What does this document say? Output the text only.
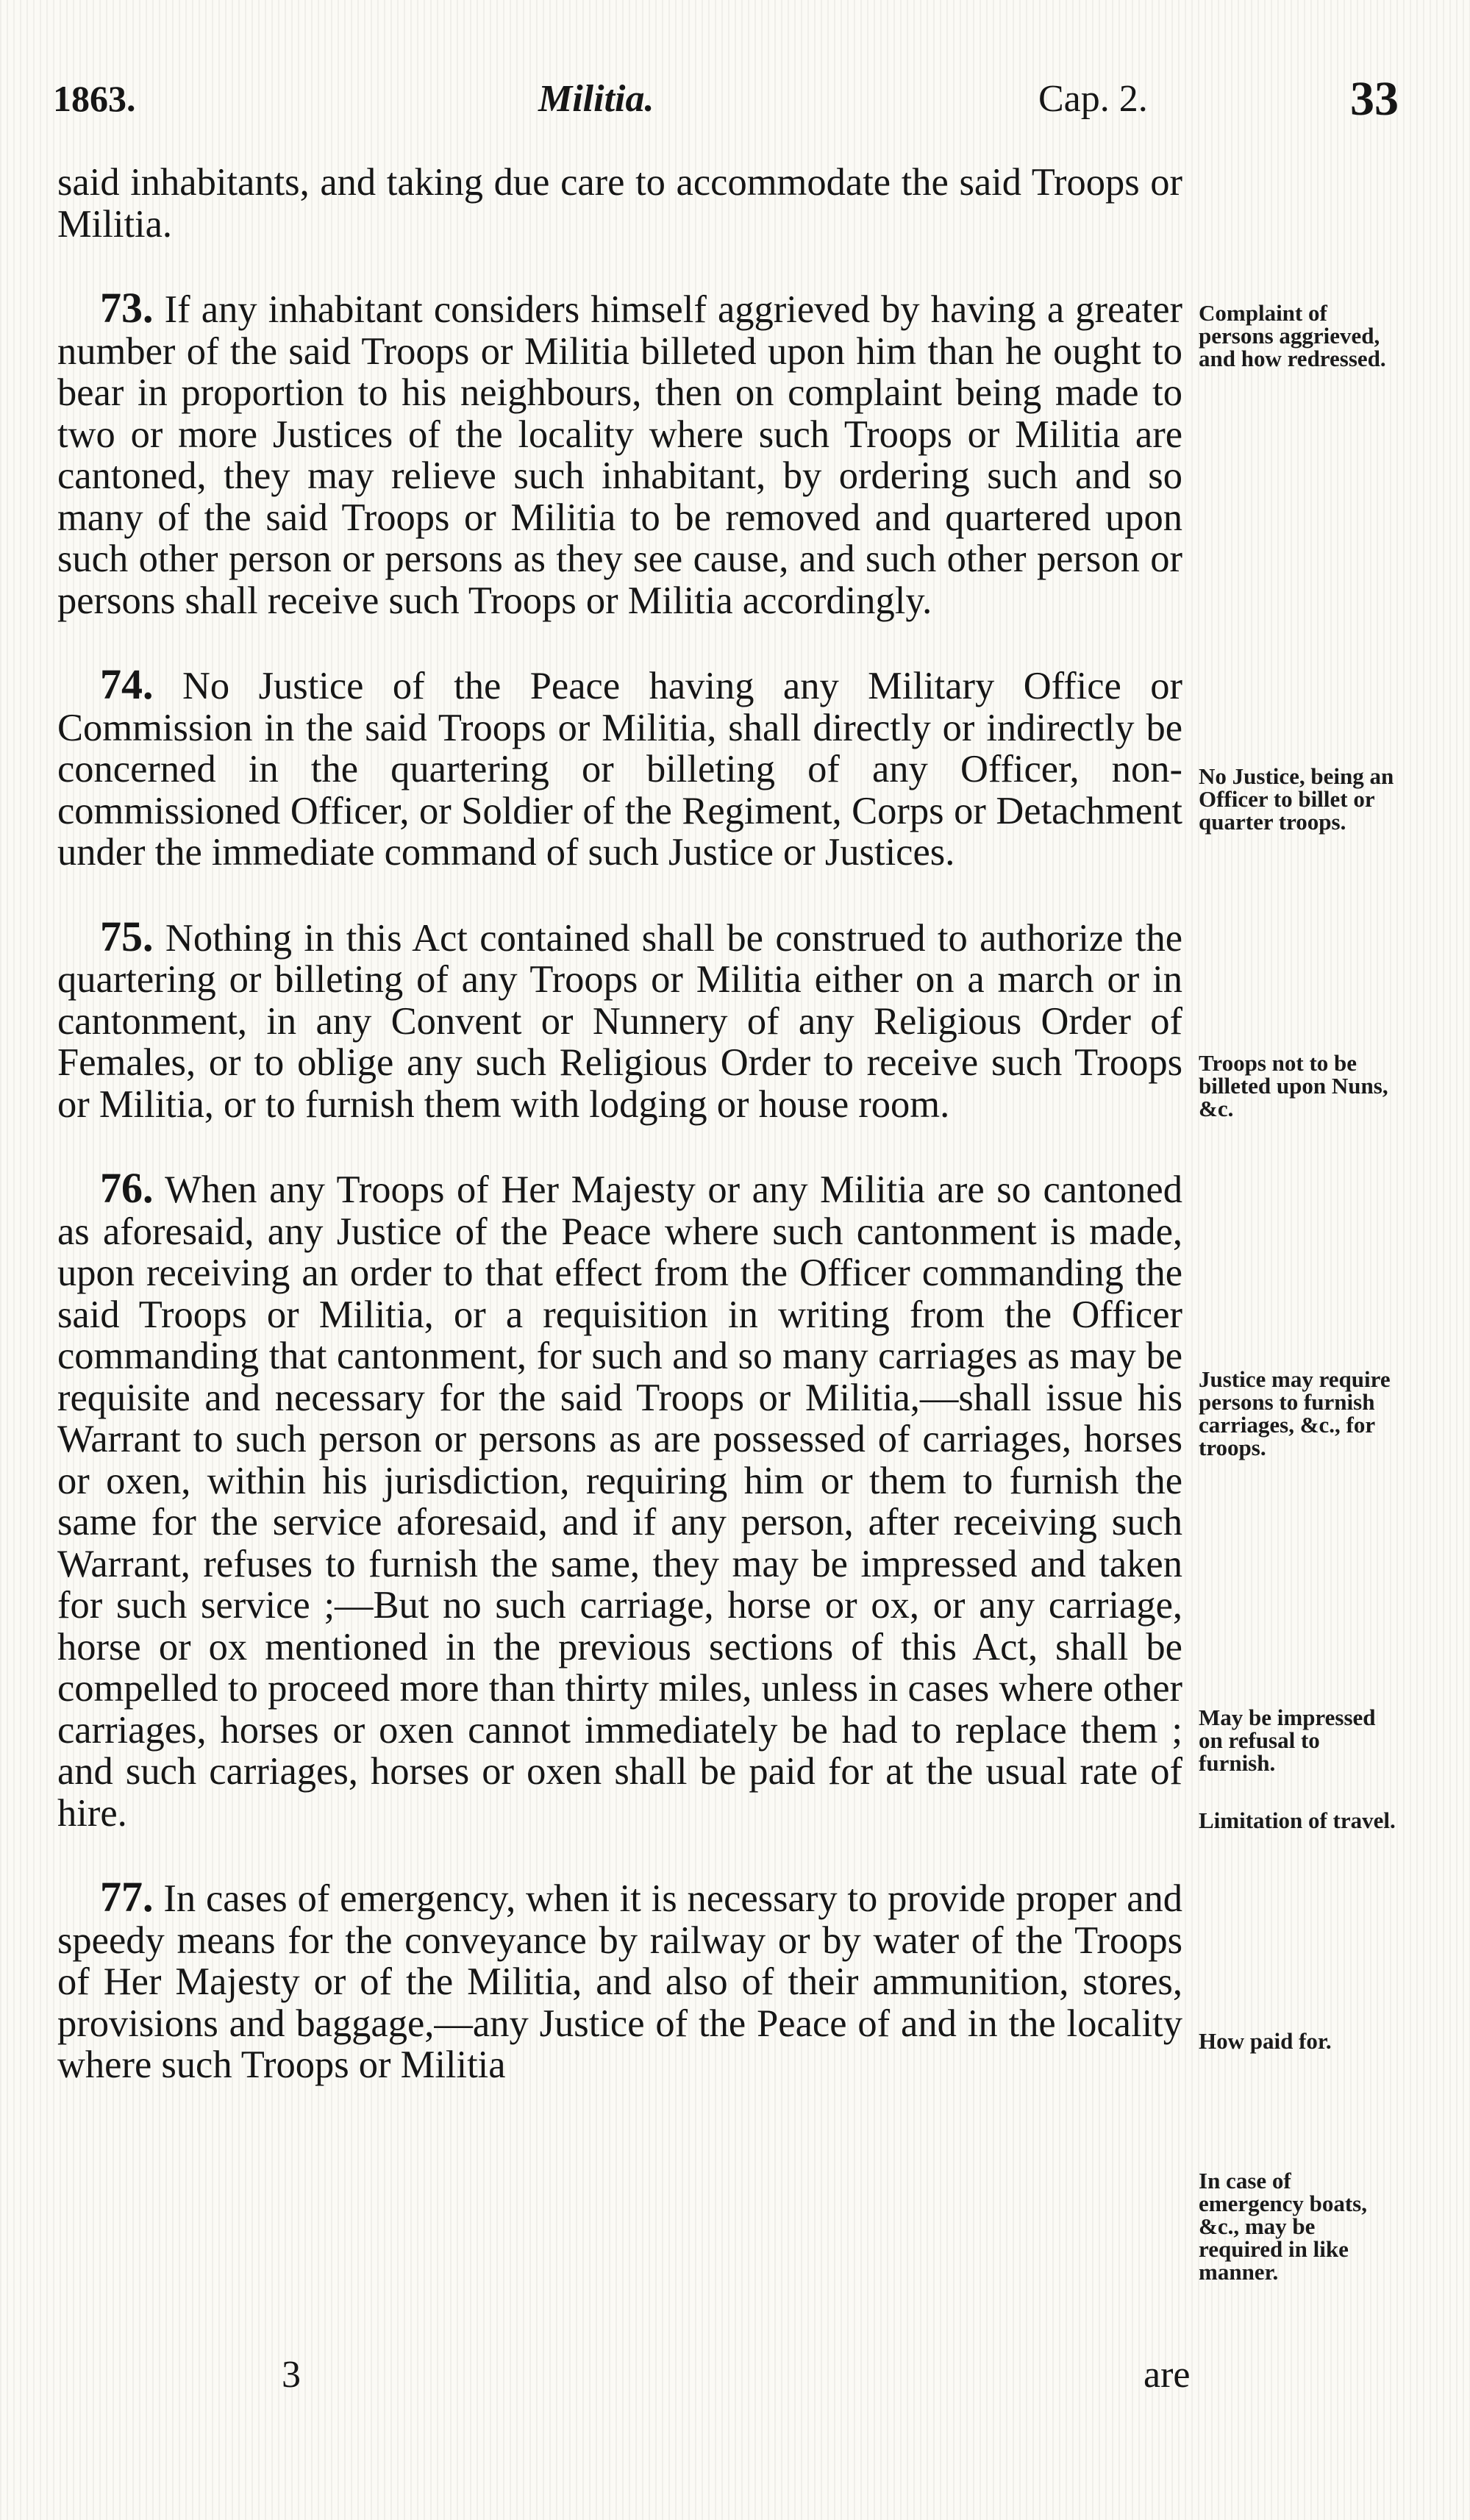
1863.	Militia.	Cap. 2.	33

said inhabitants, and taking due care to accommodate the said Troops or Militia.

73. If any inhabitant considers himself aggrieved by having a greater number of the said Troops or Militia billeted upon him than he ought to bear in proportion to his neighbours, then on complaint being made to two or more Justices of the locality where such Troops or Militia are cantoned, they may relieve such inhabitant, by ordering such and so many of the said Troops or Militia to be removed and quartered upon such other person or persons as they see cause, and such other person or persons shall receive such Troops or Militia accordingly.

74. No Justice of the Peace having any Military Office or Commission in the said Troops or Militia, shall directly or indirectly be concerned in the quartering or billeting of any Officer, non-commissioned Officer, or Soldier of the Regiment, Corps or Detachment under the immediate command of such Justice or Justices.

75. Nothing in this Act contained shall be construed to authorize the quartering or billeting of any Troops or Militia either on a march or in cantonment, in any Convent or Nunnery of any Religious Order of Females, or to oblige any such Religious Order to receive such Troops or Militia, or to furnish them with lodging or house room.

76. When any Troops of Her Majesty or any Militia are so cantoned as aforesaid, any Justice of the Peace where such cantonment is made, upon receiving an order to that effect from the Officer commanding the said Troops or Militia, or a requisition in writing from the Officer commanding that cantonment, for such and so many carriages as may be requisite and necessary for the said Troops or Militia,—shall issue his Warrant to such person or persons as are possessed of carriages, horses or oxen, within his jurisdiction, requiring him or them to furnish the same for the service aforesaid, and if any person, after receiving such Warrant, refuses to furnish the same, they may be impressed and taken for such service ;—But no such carriage, horse or ox, or any carriage, horse or ox mentioned in the previous sections of this Act, shall be compelled to proceed more than thirty miles, unless in cases where other carriages, horses or oxen cannot immediately be had to replace them ; and such carriages, horses or oxen shall be paid for at the usual rate of hire.

77. In cases of emergency, when it is necessary to provide proper and speedy means for the conveyance by railway or by water of the Troops of Her Majesty or of the Militia, and also of their ammunition, stores, provisions and baggage,—any Justice of the Peace of and in the locality where such Troops or Militia

Complaint of persons aggrieved, and how redressed.
No Justice, being an Officer to billet or quarter troops.
Troops not to be billeted upon Nuns, &c.
Justice may require persons to furnish carriages, &c., for troops.
May be impressed on refusal to furnish.
Limitation of travel.
How paid for.
In case of emergency boats, &c., may be required in like manner.
3	are
